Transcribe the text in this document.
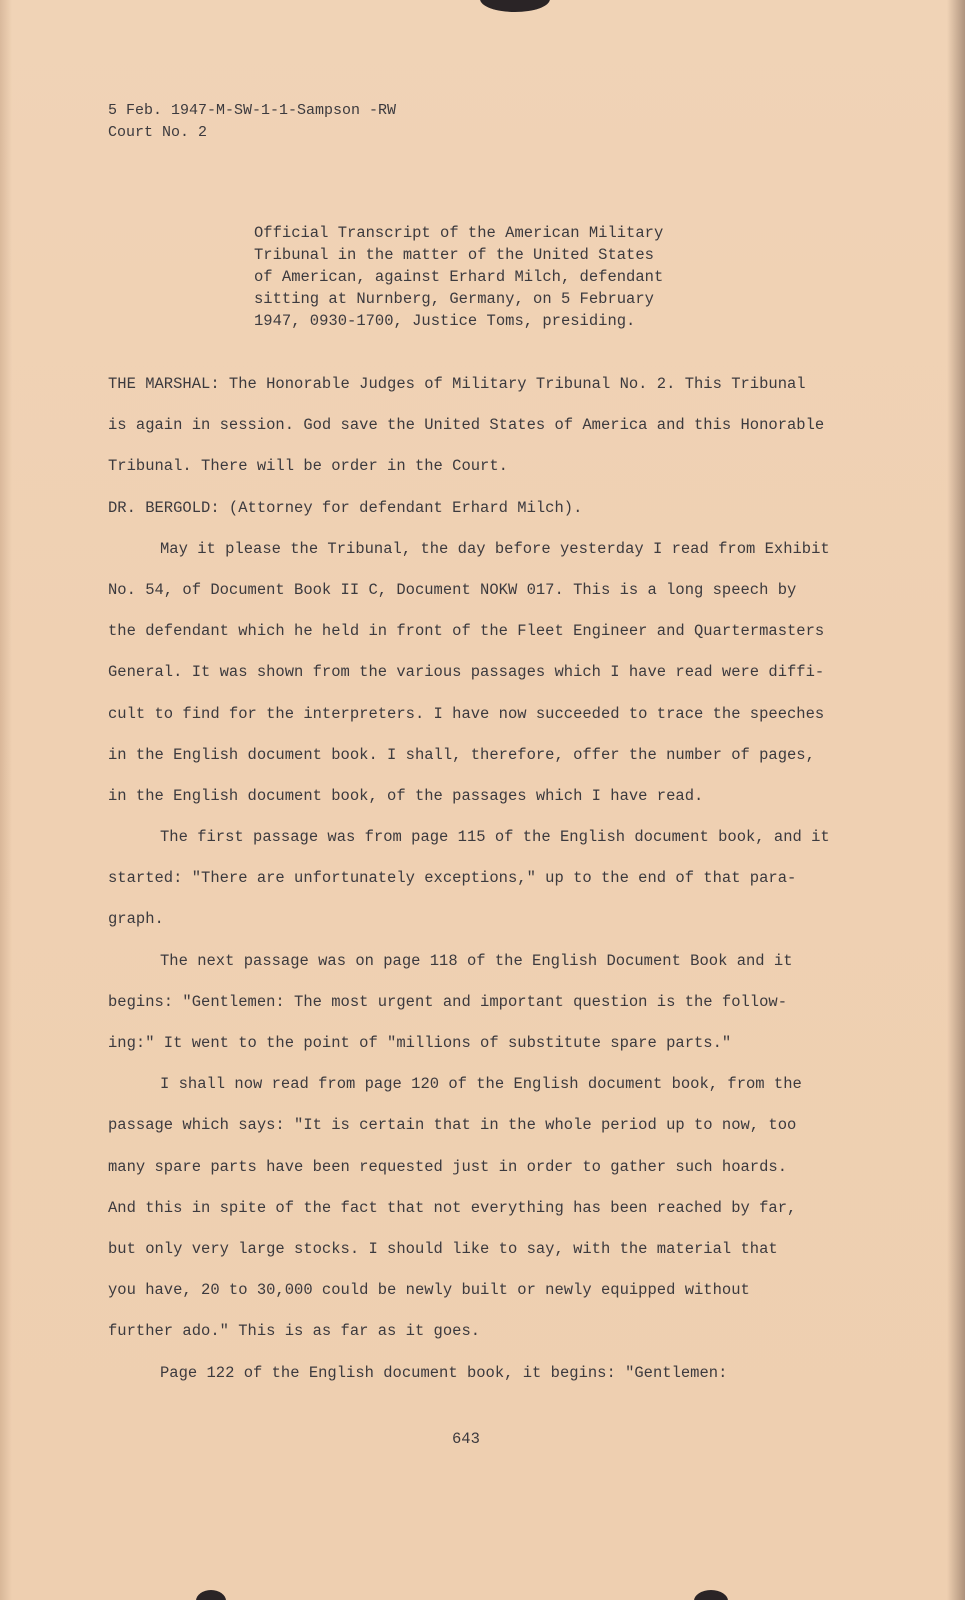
5 Feb. 1947-M-SW-1-1-Sampson -RW
Court No. 2
Official Transcript of the American Military
Tribunal in the matter of the United States
of American, against Erhard Milch, defendant
sitting at Nurnberg, Germany, on 5 February
1947, 0930-1700, Justice Toms, presiding.
THE MARSHAL: The Honorable Judges of Military Tribunal No. 2. This Tribunal
is again in session. God save the United States of America and this Honorable
Tribunal. There will be order in the Court.
DR. BERGOLD: (Attorney for defendant Erhard Milch).
May it please the Tribunal, the day before yesterday I read from Exhibit
No. 54, of Document Book II C, Document NOKW 017. This is a long speech by
the defendant which he held in front of the Fleet Engineer and Quartermasters
General. It was shown from the various passages which I have read were diffi-
cult to find for the interpreters. I have now succeeded to trace the speeches
in the English document book. I shall, therefore, offer the number of pages,
in the English document book, of the passages which I have read.
The first passage was from page 115 of the English document book, and it
started: "There are unfortunately exceptions," up to the end of that para-
graph.
The next passage was on page 118 of the English Document Book and it
begins: "Gentlemen: The most urgent and important question is the follow-
ing:" It went to the point of "millions of substitute spare parts."
I shall now read from page 120 of the English document book, from the
passage which says: "It is certain that in the whole period up to now, too
many spare parts have been requested just in order to gather such hoards.
And this in spite of the fact that not everything has been reached by far,
but only very large stocks. I should like to say, with the material that
you have, 20 to 30,000 could be newly built or newly equipped without
further ado." This is as far as it goes.
Page 122 of the English document book, it begins: "Gentlemen:
643
